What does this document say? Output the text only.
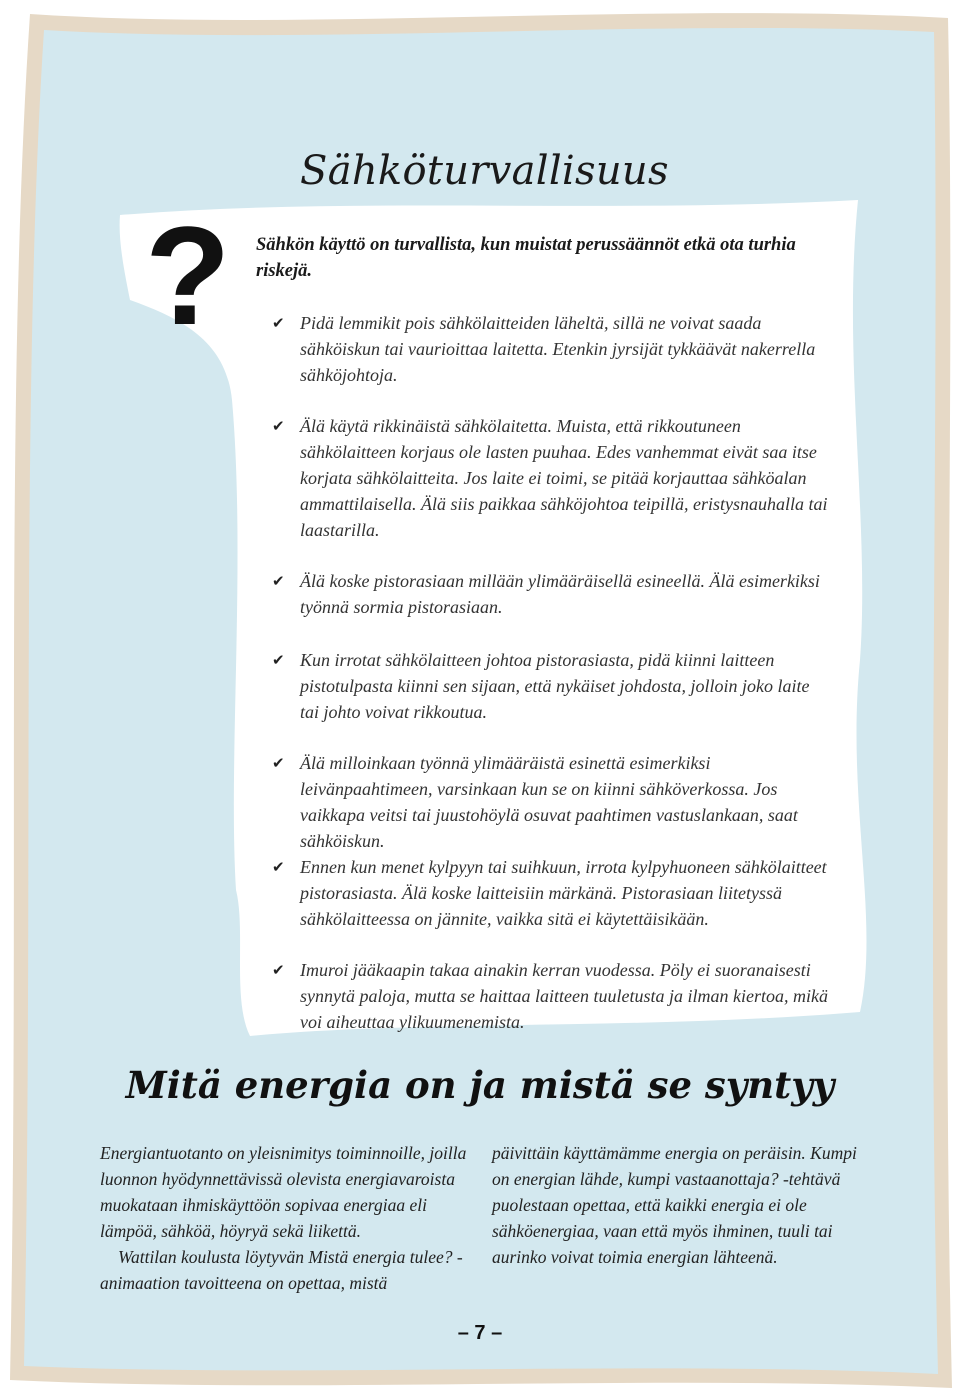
Sähköturvallisuus
? Sähkön käyttö on turvallista, kun muistat perussäännöt etkä ota turhia riskejä.

✔ Pidä lemmikit pois sähkölaitteiden läheltä, sillä ne voivat saada sähköiskun tai vaurioittaa laitetta. Etenkin jyrsijät tykkäävät nakerrella sähköjohtoja.
✔ Älä käytä rikkinäistä sähkölaitetta. Muista, että rikkoutuneen sähkölaitteen korjaus ole lasten puuhaa. Edes vanhemmat eivät saa itse korjata sähkölaitteita. Jos laite ei toimi, se pitää korjauttaa sähköalan ammattilaisella. Älä siis paikkaa sähköjohtoa teipillä, eristysnauhalla tai laastarilla.
✔ Älä koske pistorasiaan millään ylimääräisellä esineellä. Älä esimerkiksi työnnä sormia pistorasiaan.
✔ Kun irrotat sähkölaitteen johtoa pistorasiasta, pidä kiinni laitteen pistotulpasta kiinni sen sijaan, että nykäiset johdosta, jolloin joko laite tai johto voivat rikkoutua.
✔ Älä milloinkaan työnnä ylimääräistä esinettä esimerkiksi leivänpaahtimeen, varsinkaan kun se on kiinni sähköverkossa. Jos vaikkapa veitsi tai juustohöylä osuvat paahtimen vastuslankaan, saat sähköiskun.
✔ Ennen kun menet kylpyyn tai suihkuun, irrota kylpyhuoneen sähkölaitteet pistorasiasta. Älä koske laitteisiin märkänä. Pistorasiaan liitetyssä sähkölaitteessa on jännite, vaikka sitä ei käytettäisikään.
✔ Imuroi jääkaapin takaa ainakin kerran vuodessa. Pöly ei suoranaisesti synnytä paloja, mutta se haittaa laitteen tuuletusta ja ilman kiertoa, mikä voi aiheuttaa ylikuumenemista.
Mitä energia on ja mistä se syntyy

Energiantuotanto on yleisnimitys toiminnoille, joilla luonnon hyödynnettävissä olevista energiavaroista muokataan ihmiskäyttöön sopivaa energiaa eli lämpöä, sähköä, höyryä sekä liikettä.

Wattilan koulusta löytyvän Mistä energia tulee? -animaation tavoitteena on opettaa, mistä

päivittäin käyttämämme energia on peräisin. Kumpi on energian lähde, kumpi vastaanottaja? -tehtävä puolestaan opettaa, että kaikki energia ei ole sähköenergiaa, vaan että myös ihminen, tuuli tai aurinko voivat toimia energian lähteenä.

– 7 –
